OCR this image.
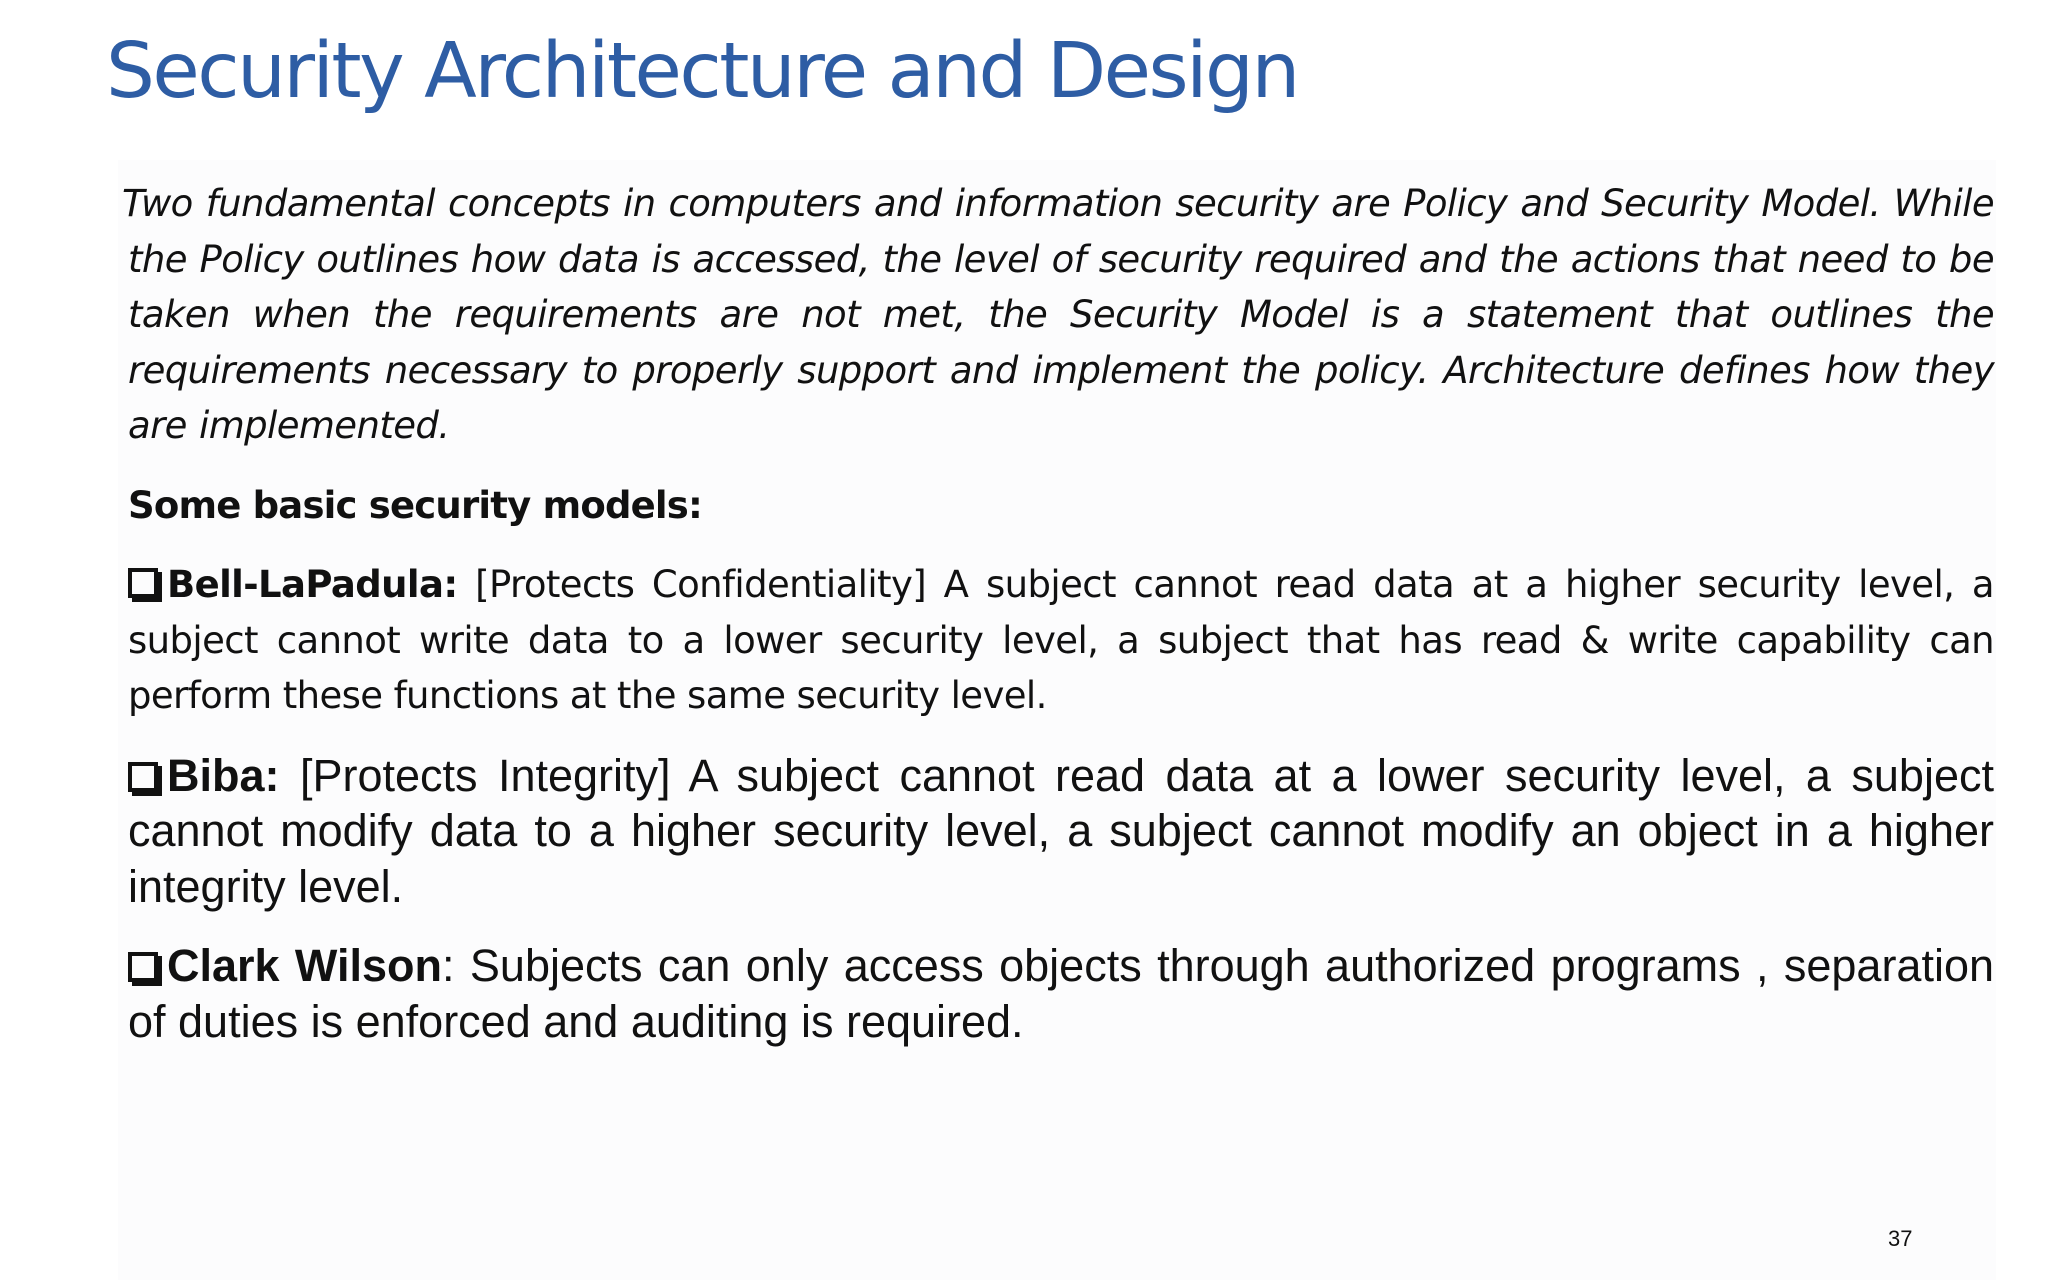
Security Architecture and Design

Two fundamental concepts in computers and information security are Policy and Security Model. While the Policy outlines how data is accessed, the level of security required and the actions that need to be taken when the requirements are not met, the Security Model is a statement that outlines the requirements necessary to properly support and implement the policy. Architecture defines how they are implemented.

Some basic security models:

Bell-LaPadula: [Protects Confidentiality] A subject cannot read data at a higher security level, a subject cannot write data to a lower security level, a subject that has read & write capability can perform these functions at the same security level.

Biba: [Protects Integrity] A subject cannot read data at a lower security level, a subject cannot modify data to a higher security level, a subject cannot modify an object in a higher integrity level.

Clark Wilson: Subjects can only access objects through authorized programs , separation of duties is enforced and auditing is required.

37
